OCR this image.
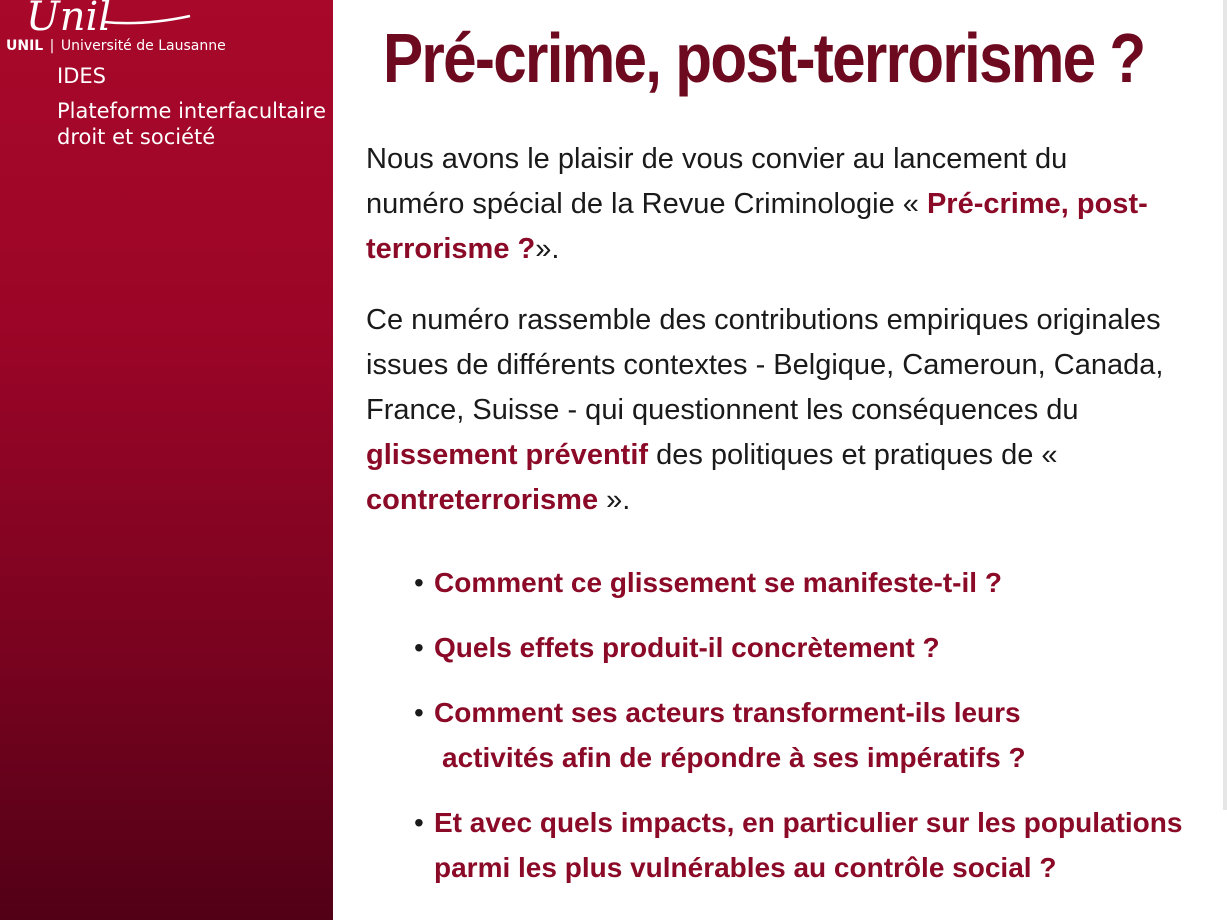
Unil
UNIL | Université de Lausanne
IDES
Plateforme interfacultaire
droit et société
Pré-crime, post-terrorisme ?

Nous avons le plaisir de vous convier au lancement du numéro spécial de la Revue Criminologie « Pré-crime, post-terrorisme ?».

Ce numéro rassemble des contributions empiriques originales issues de différents contextes - Belgique, Cameroun, Canada, France, Suisse - qui questionnent les conséquences du glissement préventif des politiques et pratiques de « contreterrorisme ».

• Comment ce glissement se manifeste-t-il ?
• Quels effets produit-il concrètement ?
• Comment ses acteurs transforment-ils leurs
activités afin de répondre à ses impératifs ?
• Et avec quels impacts, en particulier sur les populations parmi les plus vulnérables au contrôle social ?
